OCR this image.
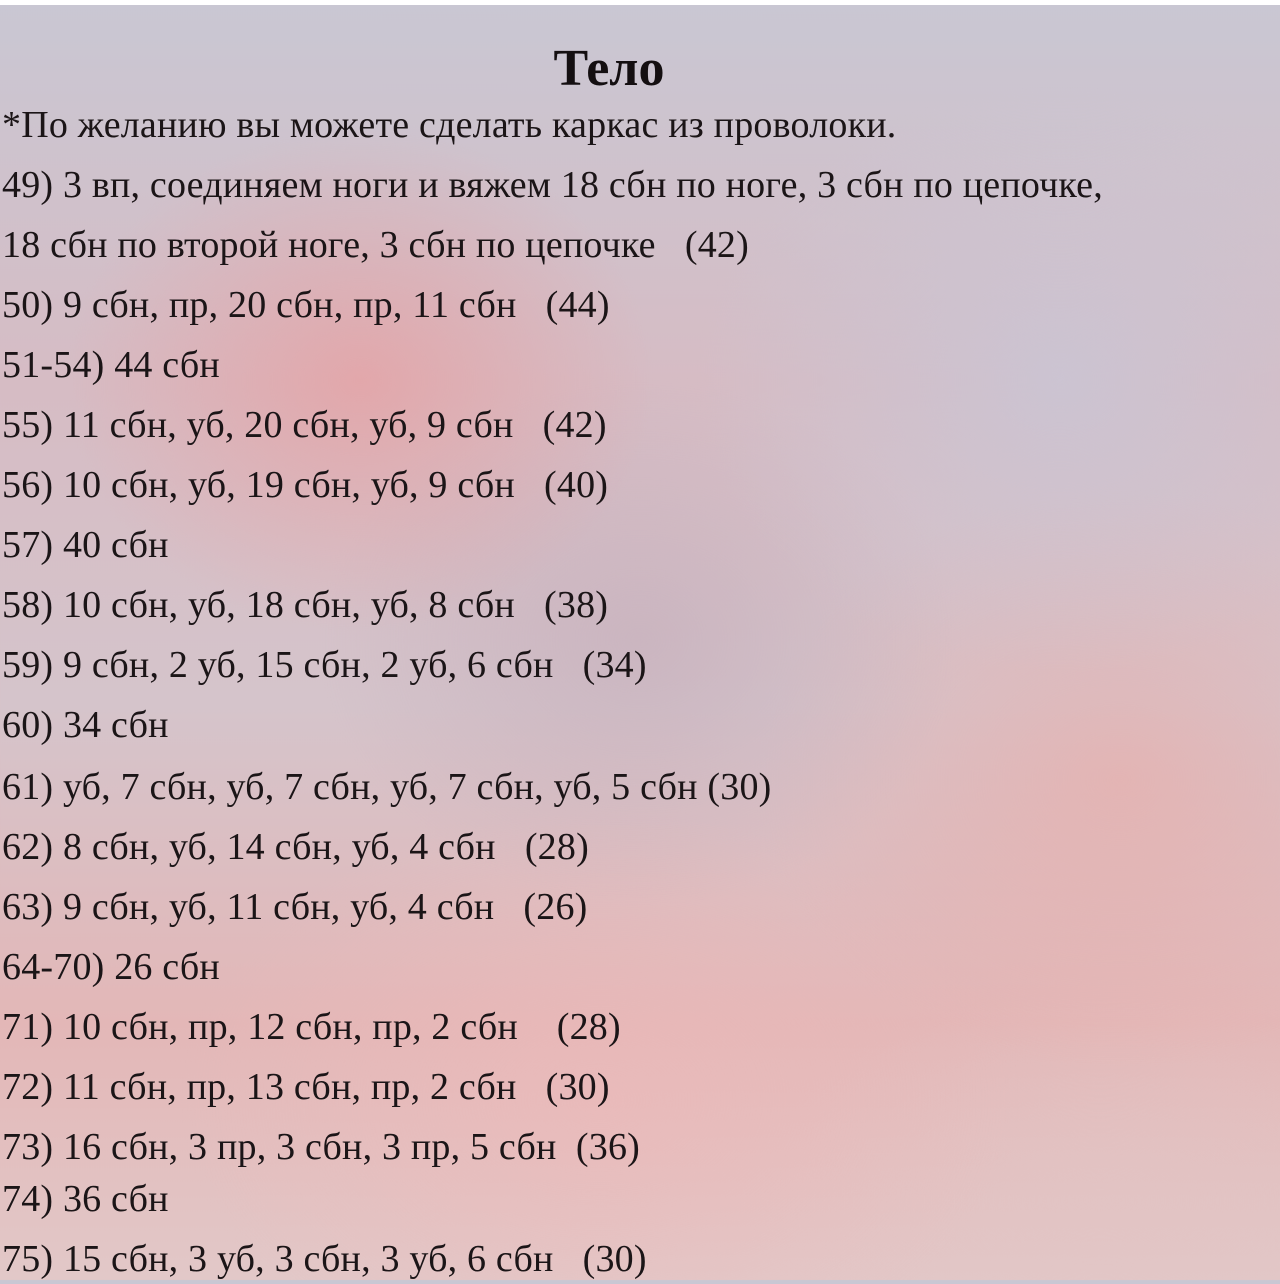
Тело
*По желанию вы можете сделать каркас из проволоки.
49) 3 вп, соединяем ноги и вяжем 18 сбн по ноге, 3 сбн по цепочке,
18 сбн по второй ноге, 3 сбн по цепочке   (42)
50) 9 сбн, пр, 20 сбн, пр, 11 сбн   (44)
51-54) 44 сбн
55) 11 сбн, уб, 20 сбн, уб, 9 сбн   (42)
56) 10 сбн, уб, 19 сбн, уб, 9 сбн   (40)
57) 40 сбн
58) 10 сбн, уб, 18 сбн, уб, 8 сбн   (38)
59) 9 сбн, 2 уб, 15 сбн, 2 уб, 6 сбн   (34)
60) 34 сбн
61) уб, 7 сбн, уб, 7 сбн, уб, 7 сбн, уб, 5 сбн (30)
62) 8 сбн, уб, 14 сбн, уб, 4 сбн   (28)
63) 9 сбн, уб, 11 сбн, уб, 4 сбн   (26)
64-70) 26 сбн
71) 10 сбн, пр, 12 сбн, пр, 2 сбн    (28)
72) 11 сбн, пр, 13 сбн, пр, 2 сбн   (30)
73) 16 сбн, 3 пр, 3 сбн, 3 пр, 5 сбн  (36)
74) 36 сбн
75) 15 сбн, 3 уб, 3 сбн, 3 уб, 6 сбн   (30)
